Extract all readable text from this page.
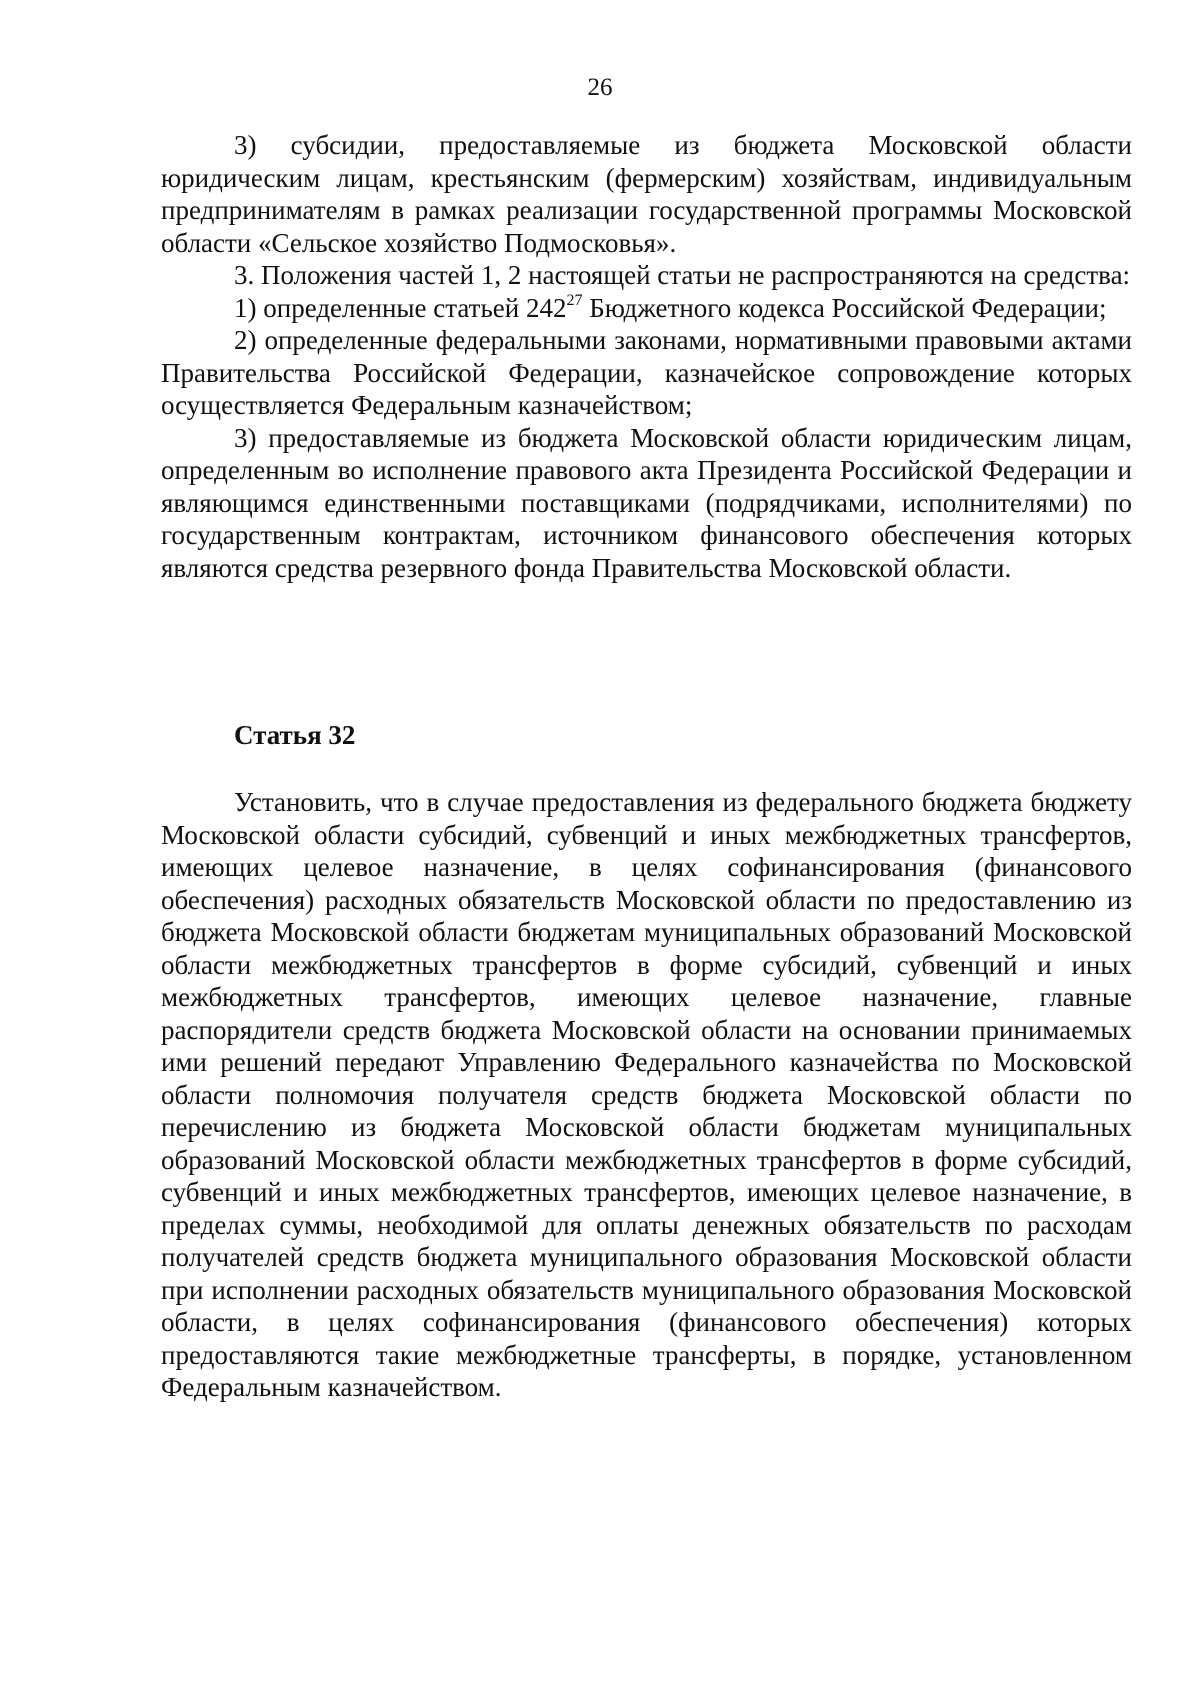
26

3) субсидии, предоставляемые из бюджета Московской области юридическим лицам, крестьянским (фермерским) хозяйствам, индивидуальным предпринимателям в рамках реализации государственной программы Московской области «Сельское хозяйство Подмосковья».

3. Положения частей 1, 2 настоящей статьи не распространяются на средства:

1) определенные статьей $242^{27}$ Бюджетного кодекса Российской Федерации;

2) определенные федеральными законами, нормативными правовыми актами Правительства Российской Федерации, казначейское сопровождение которых осуществляется Федеральным казначейством;

3) предоставляемые из бюджета Московской области юридическим лицам, определенным во исполнение правового акта Президента Российской Федерации и являющимся единственными поставщиками (подрядчиками, исполнителями) по государственным контрактам, источником финансового обеспечения которых являются средства резервного фонда Правительства Московской области.

Статья 32

Установить, что в случае предоставления из федерального бюджета бюджету Московской области субсидий, субвенций и иных межбюджетных трансфертов, имеющих целевое назначение, в целях софинансирования (финансового обеспечения) расходных обязательств Московской области по предоставлению из бюджета Московской области бюджетам муниципальных образований Московской области межбюджетных трансфертов в форме субсидий, субвенций и иных межбюджетных трансфертов, имеющих целевое назначение, главные распорядители средств бюджета Московской области на основании принимаемых ими решений передают Управлению Федерального казначейства по Московской области полномочия получателя средств бюджета Московской области по перечислению из бюджета Московской области бюджетам муниципальных образований Московской области межбюджетных трансфертов в форме субсидий, субвенций и иных межбюджетных трансфертов, имеющих целевое назначение, в пределах суммы, необходимой для оплаты денежных обязательств по расходам получателей средств бюджета муниципального образования Московской области при исполнении расходных обязательств муниципального образования Московской области, в целях софинансирования (финансового обеспечения) которых предоставляются такие межбюджетные трансферты, в порядке, установленном Федеральным казначейством.
